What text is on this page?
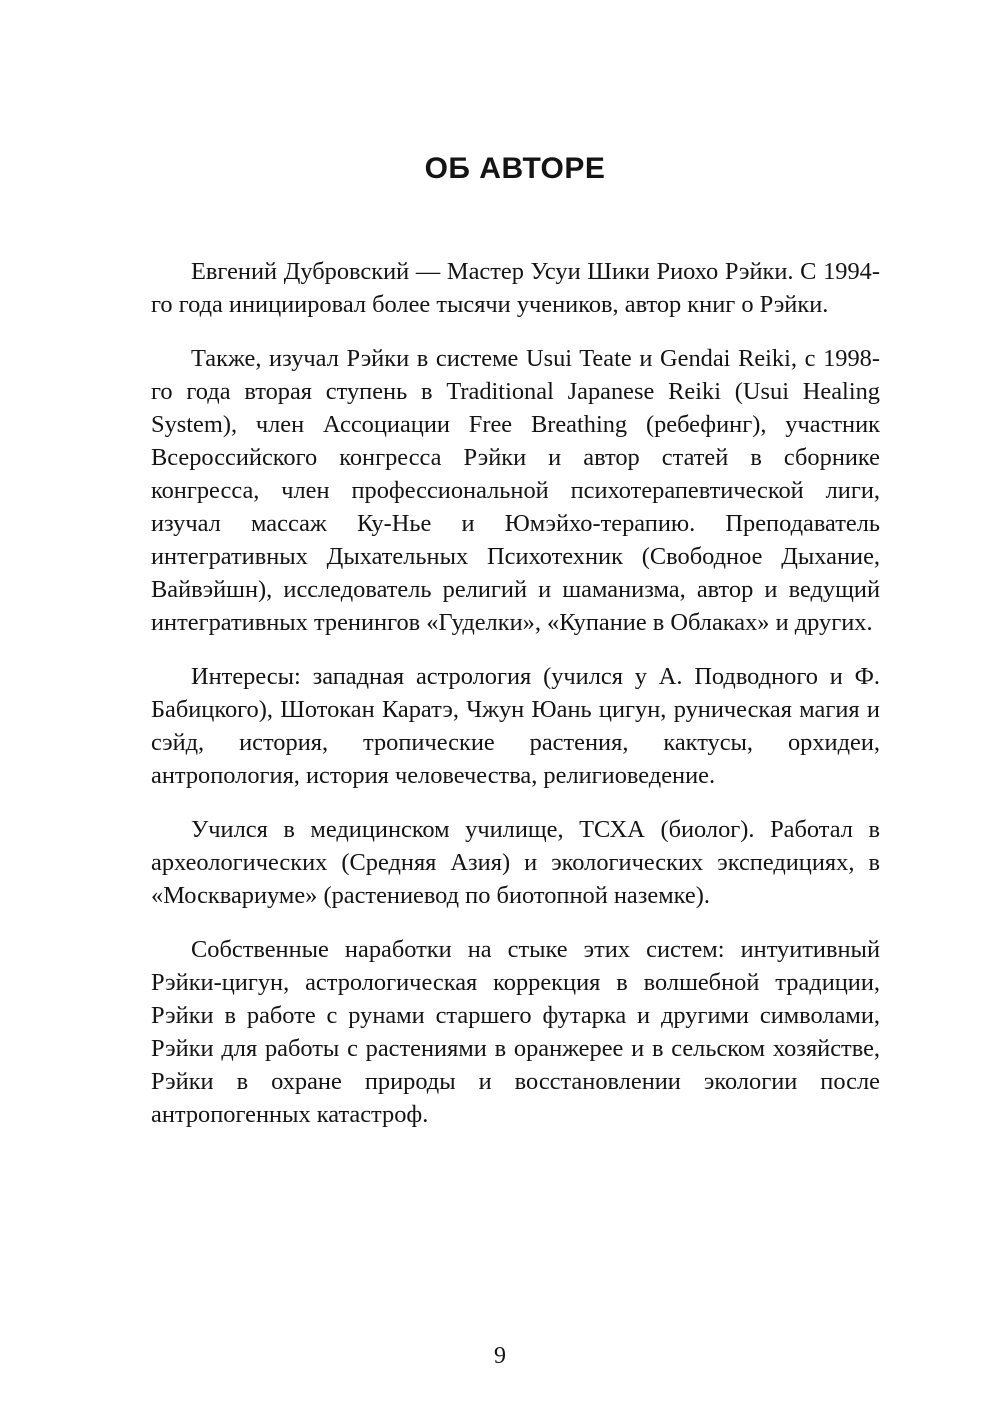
ОБ АВТОРЕ

Евгений Дубровский — Мастер Усуи Шики Риохо Рэйки. С 1994-го года инициировал более тысячи учеников, автор книг о Рэйки.

Также, изучал Рэйки в системе Usui Teate и Gendai Reiki, с 1998-го года вторая ступень в Traditional Japanese Reiki (Usui Healing System), член Ассоциации Free Breathing (ребефинг), участник Всероссийского конгресса Рэйки и автор статей в сборнике конгресса, член профессиональной психотерапевтической лиги, изучал массаж Ку-Нье и Юмэйхо-терапию. Преподаватель интегративных Дыхательных Психотехник (Свободное Дыхание, Вайвэйшн), исследователь религий и шаманизма, автор и ведущий интегративных тренингов «Гуделки», «Купание в Облаках» и других.

Интересы: западная астрология (учился у А. Подводного и Ф. Бабицкого), Шотокан Каратэ, Чжун Юань цигун, руническая магия и сэйд, история, тропические растения, кактусы, орхидеи, антропология, история человечества, религиоведение.

Учился в медицинском училище, ТСХА (биолог). Работал в археологических (Средняя Азия) и экологических экспедициях, в «Москвариуме» (растениевод по биотопной наземке).

Собственные наработки на стыке этих систем: интуитивный Рэйки-цигун, астрологическая коррекция в волшебной традиции, Рэйки в работе с рунами старшего футарка и другими символами, Рэйки для работы с растениями в оранжерее и в сельском хозяйстве, Рэйки в охране природы и восстановлении экологии после антропогенных катастроф.

9
